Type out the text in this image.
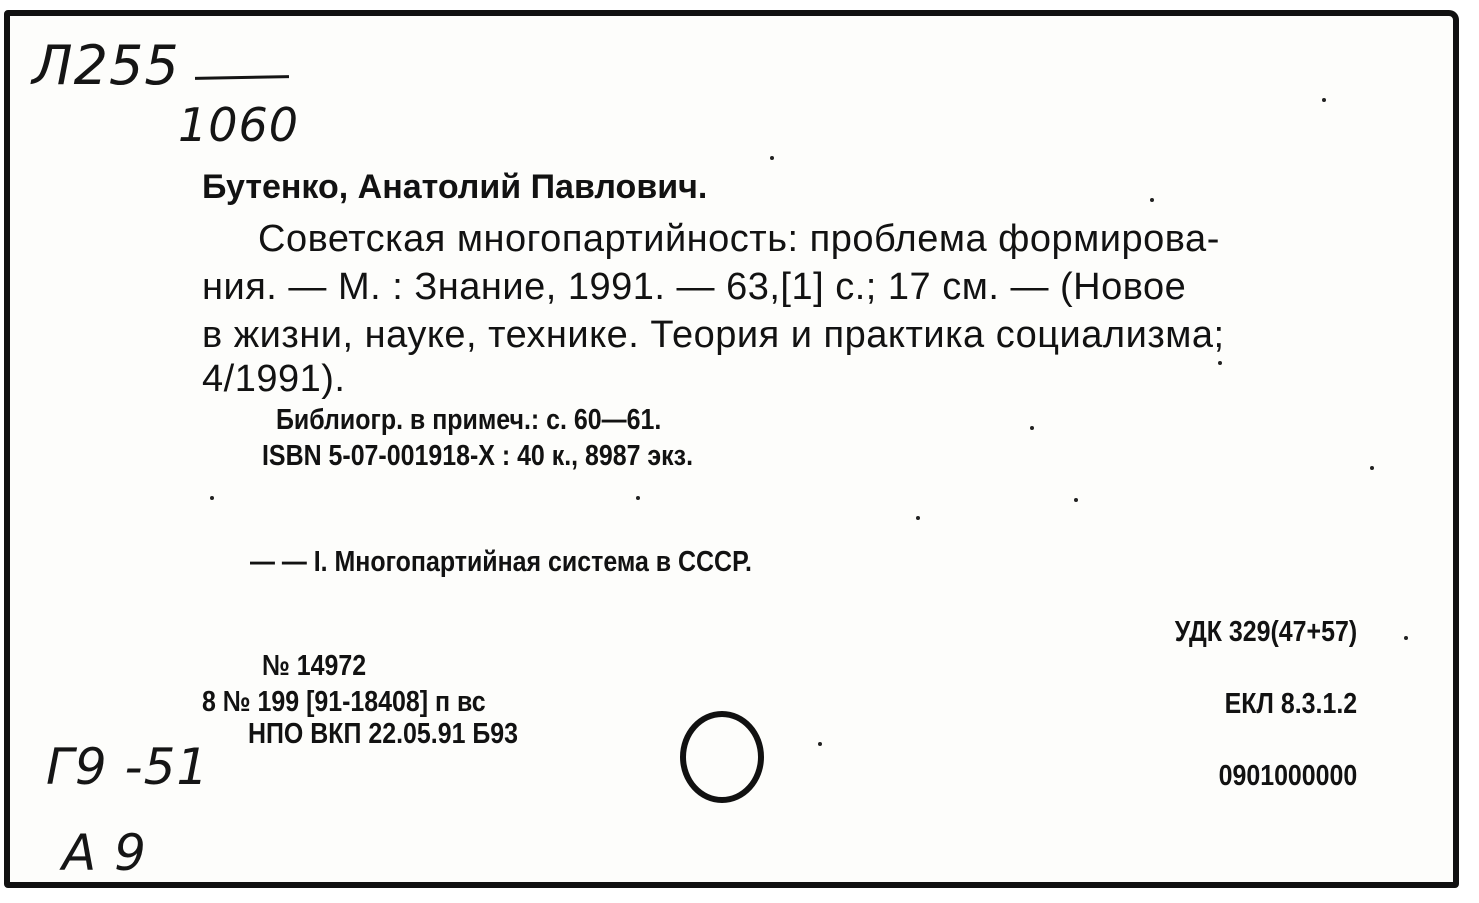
Л255
1060
Бутенко, Анатолий Павлович.
Советская многопартийность: проблема формирова-
ния. — М. : Знание, 1991. — 63,[1] с.; 17 см. — (Новое
в жизни, науке, технике. Теория и практика социализма;
4/1991).
Библиогр. в примеч.: с. 60—61.
ISBN 5-07-001918-Х : 40 к., 8987 экз.
— — I. Многопартийная система в СССР.
№ 14972
8 № 199 [91-18408] п вс
НПО ВКП 22.05.91 Б93
УДК 329(47+57)
ЕКЛ 8.3.1.2
0901000000
Г9 -51
А 9
